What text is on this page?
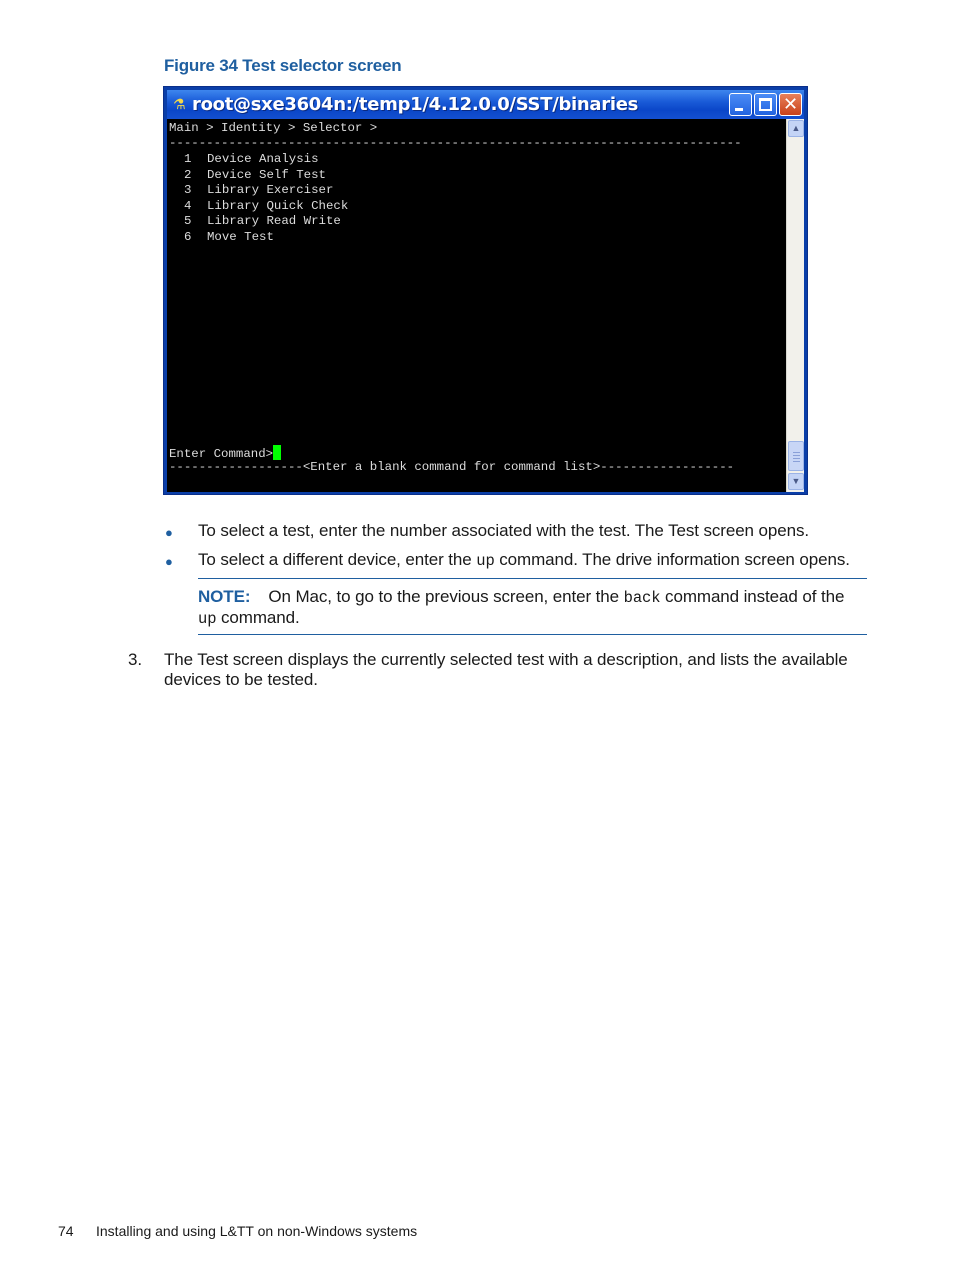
Figure 34 Test selector screen
⚗ root@sxe3604n:/temp1/4.12.0.0/SST/binaries	✕
Main > Identity > Selector >
-----------------------------------------------------------------------------
1 Device Analysis
2 Device Self Test
3 Library Exerciser
4 Library Quick Check
5 Library Read Write
6 Move Test
Enter Command>
------------------<Enter a blank command for command list>------------------
▲
▼
● To select a test, enter the number associated with the test. The Test screen opens.
● To select a different device, enter the up command. The drive information screen opens.
NOTE: On Mac, to go to the previous screen, enter the back command instead of the
up command.
3. The Test screen displays the currently selected test with a description, and lists the available
devices to be tested.
74 Installing and using L&TT on non-Windows systems
